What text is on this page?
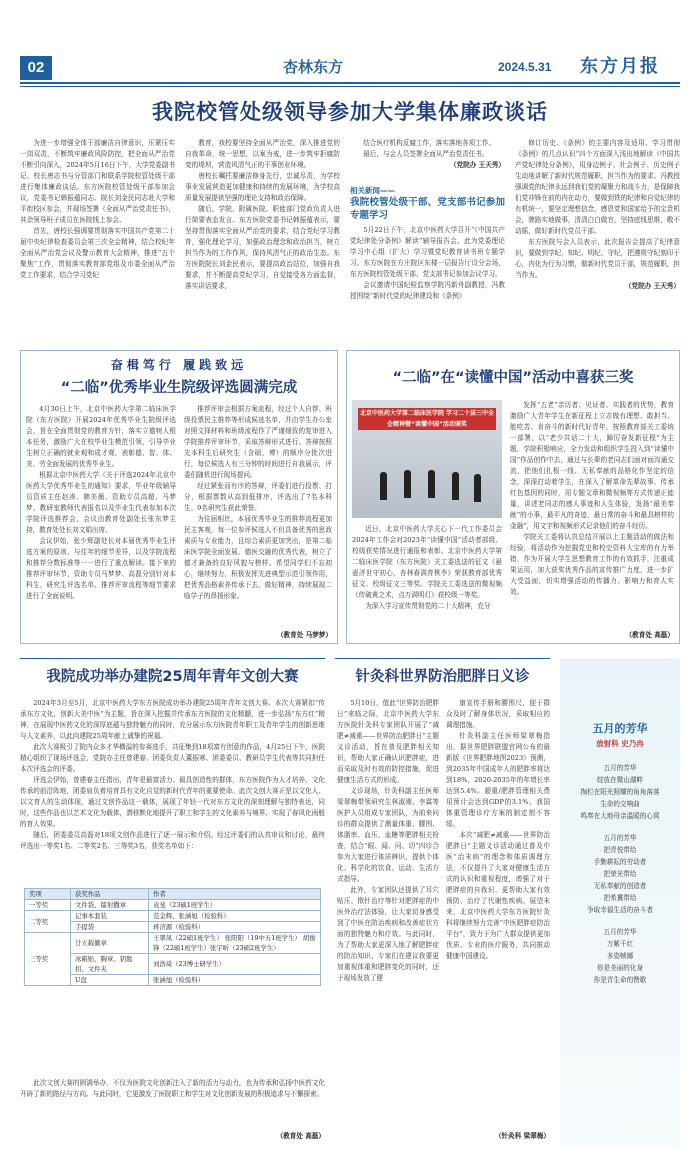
02	杏林东方	2024.5.31 东方月报
我院校管处级领导参加大学集体廉政谈话

为进一步增强全体干部廉洁自律意识，压紧压实一岗双责，不断筑牢廉政风险防控，把全面从严治党不断引向深入，2024年5月16日下午，大学党委副书记、校长唐志书与分管部门和联系学院校管处级干部进行集体廉政谈话。东方医院校管处级干部参加会议，党委书记韩振蕴同志、院长刘金民同志赴大学和平街校区参会，并现场签署《全面从严治党责任书》，其余领导班子成员在医院线上参会。

首先，唐校长强调要贯彻落实中国共产党第二十届中央纪律检查委员会第三次全会精神，结合校纪年全面从严治党会议及警示教育大会精神，推进“五个聚焦”工作，贯彻落实教育部党组及市委全面从严治党工作要求，结合学习党纪

教育，我校要坚持全面从严治党，深入推进党的自我革命，统一思想，以案为戒，进一步筑牢拒腐防变的堤坝，营造风清气正的干事创业环境。

唐校长嘱托要廉洁修身先行，忠诚尽责，为学校事业发展营造更加健康和持续的发展环境，为学校高质量发展提供坚强的理论支持和政治保障。

随后，学院、附属医院、职能部门党政负责人进行简要表态发言。东方医院党委书记韩振蕴表示，要坚持贯彻落实全面从严治党的要求，结合党纪学习教育，强化理论学习，加强政治理念和政治担当，树立担当作为的工作作风，保持风清气正的政治生态。东方医院院长刘金民表示，要提高政治站位，加强自我要求，并不断提高党纪学习，自觉接受各方面监督，落实讲话要求，

结合医疗机构反腐工作，落实落地各项工作。

最后，与会人员签署全面从严治党责任书。

（党院办 王天秀）
相关新闻——
我院校管处级干部、党支部书记参加专题学习

5月22日下午，北京中医药大学召开“《中国共产党纪律处分条例》解读”辅导报告会。此为党委理论学习中心组（扩大）学习暨党纪教育读书班专题学习。东方医院在方庄院区东楼一层报告厅设分会场，东方医院校管处级干部、党支部书记参加会议学习。

会议邀请中国纪检监察学院冯新舟副教授，冯教授围绕“新时代党的纪律建设和《条例》

修订历史、《条例》的主要内容及适用、学习贯彻《条例》的几点认识”四个方面深入浅出地解读《中国共产党纪律处分条例》，用身边例子、社会例子、历史例子生动地讲解了新时代规范履职、担当作为的要求。冯教授强调党的纪律永远到我们党的凝聚力和战斗力，是保障我们党冲锋在前的内在动力，要做到铁的纪律和自觉纪律的有机统一，要坚定理想信念，感恩党和国家给予的宝贵机会，牌路实地做事，清清白白做官，坚持底线思维，敬不动摇，做好新时代党员干部。

东方医院与会人员表示，此次报告会提高了纪律意识，要做到学纪、知纪、明纪、守纪，把遵规守纪刻印于心，内化为行为习惯，做新时代党员干部，规范履职，担当作为。

（党院办 王天秀）
奋楫笃行 履践致远
“二临”优秀毕业生院级评选圆满完成

4月30日上午，北京中医药大学第二临床医学院（东方医院）开展2024年优秀毕业生院级评选会，旨在全面贯彻党的教育方针，落实立德树人根本任务，激励广大在校毕业生模范引领，引导毕业生树立正确的就业观和成才观，表彰德、智、体、美、劳全面发展的优秀毕业生。

根据北京中医药大学《关于评选2024年北京中医药大学优秀毕业生的通知》要求，毕业年级辅导员资质主任赵涛、韩美薇、资助专员高超、马梦梦、教研室教师代表报名以及毕业生代表参加本次学院评选推荐会，会议由教育处副处长张东梦主持，教育处处长刘文娟出席。

会议伊始，张少辉副处长对本届优秀毕业生评选方案的原则、与往年的细节差异，以及学院流程和推荐分数标准等一一进行了重点解读。接下来的推荐评审环节，资助专员马梦梦、高磊分别针对本科生、研究生评选名单、推荐评审流程等细节要求进行了全面说明。

推荐评审会根据方案流程，经过个人自荐、班级投票民主推荐等形成候选名单，并由学生办公室对照文择材料和班级流程作了严谨细致的复审进入学院推荐评审环节，采取答辩形式进行。答辩按照先本科生后研究生（含硕、博）的顺序分批次进行，每位候选人有三分钟的时间进行自我展示，评委们随机进行现场提问。

经过紧张而有序的答辩，评委们进行投票、打分，根据票数从高到低排序，评选出了7名本科生、9名研究生获此荣誉。

为往届相比，本届优秀毕业生的推荐流程更加民主客观，每一位参评候选人不但具备优秀的思政素质与专业能力，且综合素质更加突出，是第二临床医学院全面发展、德医交融的优秀代表，树立了德才兼备的良好风貌与榜样。希望同学们不忘初心，继续努力，积极发挥先进典型示范引领作用，把优秀品格素养传承下去，做好精神，持续展现二临学子的昂扬形象。

（教育处 马梦梦）
“二临”在“读懂中国”活动中喜获三奖
北京中医药大学第二临床医学院 学习二十届三中全会精神暨“读懂中国”活动颁奖

近日，北京中医药大学关心下一代工作委员会2024年工作会对2023年“读懂中国”活动者部级、校级获奖情况进行通报和表彰。北京中医药大学第二临床医学院（东方医院）关工委选送的征文《悬壶济世守初心，杏林春满育桃李》荣获教育部优秀征文、校级征文三等奖。学院关工委选送的微视频《传破黄之术，点万满明灯》获校级一等奖。

为深入学习宣传贯彻党的二十大精神，充分

发挥“五老”亲历者、见证者、实践者的优势，教育激励广大青年学生在新征程上立志做有理想、敢担当、能吃苦、肯奋斗的新时代好青年，按照教育部关工委统一部署，以“老少共话二十大，踔厉奋发新征程”为主题，学院积极响应，全力发动和组织学生投入到“读懂中国”作品创作中去，通过与长辈的老同志们面对面沟通交流，把他们扎根一线、无私奉献的品格化作坚定的信念，深深打动着学生，在深入了解革命先辈故事、传承红色基因的同时，用专题文章和微视频等方式传递正能量，讲述老同志的感人事迹和人生体验，发扬“最美奉献”的小事，最平凡的奇迹，最日常的奋斗和最具榜样的金融”，用文字和视频形式记录他们的奋斗经历。

学院关工委将认真总结开展以上主题活动的做法和经验，将活动作为挖掘党史和校史资料大宝库的有力举措，作为开展大学生思想教育工作的有效抓手，注重成果运用，加大获奖优秀作品的宣传推广力度，进一步扩大受益面，切实增强活动的传播力、影响力和育人实效。

（教育处 高磊）
我院成功举办建院25周年青年文创大赛

2024年3月至5月，北京中医药大学东方医院成功举办建院25周年青年文创大赛。本次大赛紧扣“传承东方文化，创新大美中医”为主题，旨在深入挖掘并传承东方医院的文化精髓，进一步弘扬“东方红”精神，在展现中医药文化的深厚底蕴与独特魅力的同时，充分展示东方医院青年职工及青年学生的创新思维与人文素养，以此向建院25周年献上诚挚的祝福。

此次大赛吸引了院内众多才华横溢的参赛选手，共征集到18项富有创意的作品，4月25日下午，医院精心组织了现场评选会，党院办主任曾建春、团委负责人董振寒、团委委员、教研员学生代表等共同担任本次评选会的评委。

评选会伊始，曾建春主任指出，青年是最富活力、最具创造性的群体，东方医院作为人才培养、文化传承的前沿阵地，团委肩负着培育具有文化自觉的新时代青年的重要使命。此次文创大赛正是以文化人、以文育人的生动体现，通过文创作品这一载体，展现了年轻一代对东方文化的深刻理解与独特表达，同时，这些作品也以艺术文化为载体，潜移默化地提升了职工和学生的文化素养与境界，实现了春风化雨般的育人效果。

随后，团委委员高磊对18项文创作品进行了逐一展示和介绍。经过评委们的认真审议和讨论，最终评选出一等奖1名、二等奖2名、三等奖3名，获奖名单如下：

奖项	获奖作品	作者
一等奖	文件袋、镭射撒章	袁斐（23硕1班学生）
二等奖	记事本套装	范金辉、张涵旭（检验科）
	手提袋	蒋济源（检验科）
三等奖	廿五载徽章	王翠凤（22硕1班学生） 张阳阳（19中五1班学生） 胡俊锋（22硕1班学生）张宇昕（23硕2班学生）
	冰箱贴、胸章、钥匙扣、文件夹	刘浩琦（23博士研学生）
	U盘	张涵旭（检验科）

此次文创大赛的圆满举办，不仅为医院文化创新注入了新的活力与动力，也为传承和弘扬中医药文化开辟了新的路径与方向。与此同时，它更激发了医院职工和学生对文化创新发展的积极追求与不懈探索。

（教育处 高磊）
针灸科世界防治肥胖日义诊

5月10日，值此“世界防治肥胖日”来临之际，北京中医药大学东方医院针灸科专家团队开展了“减肥≠减重——世界防治肥胖日”主题义诊活动，旨在普及肥胖相关知识，帮助大家正确认识肥胖症，进而采取及时有效的防控措施，促进健康生活方式的形成。

义诊现场，针灸科副主任医师梁翠梅带领研究生林淑湘、李霖等医护人员组成专家团队，为前来问诊的群众提供了测量体重、腰围、体脂率、血压、血糖等肥胖相关检查，结合“眼、闻、问、切”四诊合参为大家进行体质辨识，提供个体化、科学化的饮食、运动、生活方式指导。

此外，专家团队还提供了耳穴贴压、揿针治疗等针对肥胖症的中医外治疗法体验，让大家切身感受到了中医在防治疾病和改善症状方面的独特魅力和疗效。与此同时，为了帮助大家更深入地了解肥胖症的防治知识，专家们在建议我要更加重视体重和肥胖变化的同时，还于现场发放了健

康宣传手册和腰围尺，便于群众及时了解身体状况，采取相应的调理措施。

针灸科副主任医师梁翠梅指出，据世界肥胖联盟官网公布的最新版《世界肥胖地图2023》预测，到2035年中国成年人的肥胖率将达到18%，2020-2035年的年增长率达到5.4%。超重/肥胖管理相关费用预计会达到GDP的3.1%，我国体重管理诊疗方案的制定刻不容缓。

本次“减肥≠减重——世界防治肥胖日”主题义诊活动通过普及中医“治未病”的理念和体质调理方法，不仅提升了大家对健康生活方式的认识和重视程度，增强了对于肥胖症的自我识、更帮助大家有效预防、治疗了代谢性疾病。展望未来，北京中医药大学东方医院针灸科将继续努力完善“中医肥胖症防治平台”，致力于为广大群众提供更加优质、专业的医疗服务，共同推动健康中国建设。

（针灸科 梁翠梅）
五月的芳华
放射科 史乃冉
五月的芳华
绽放在微山湖畔
掏栏在阳光照耀的角角落落
生命的交响曲
鸣奏在大地母亲温暖的心窝
五月的芳华
把青悦带给
手勤耕耘的劳动者
把荣光带给
无私奉献的创造者
把希冀带给
争取幸福生活的奋斗者
五月的芳华
万紫千红
多姿帧娜
你是美丽的化身
你是青生命的赞歌
